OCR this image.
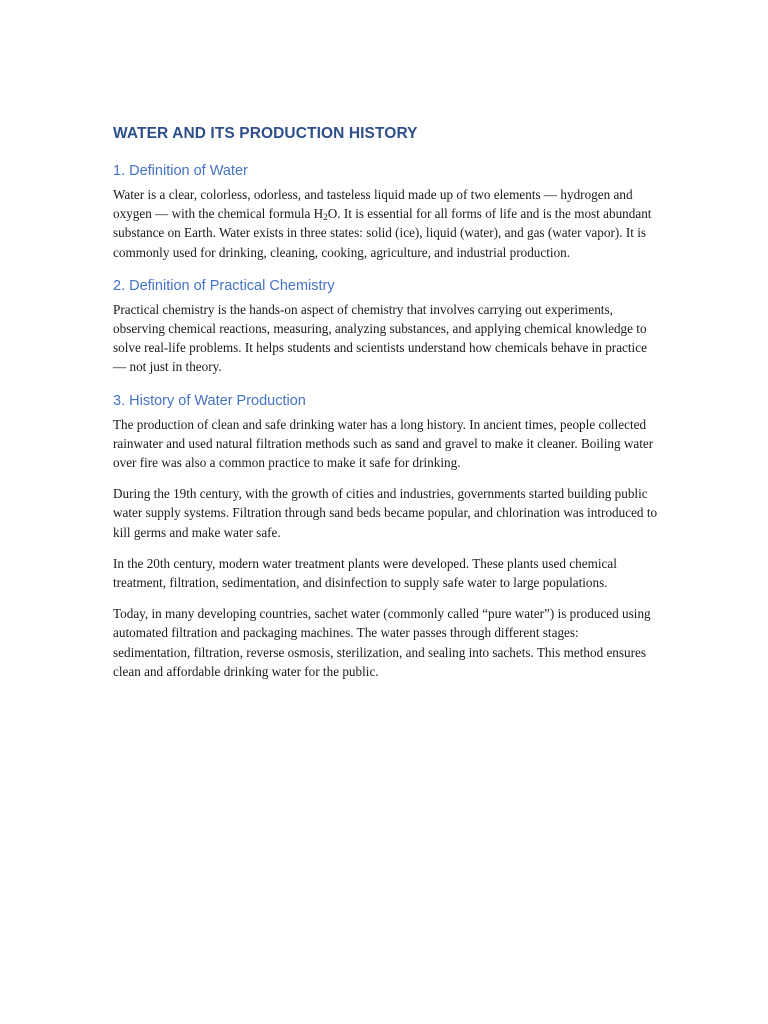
WATER AND ITS PRODUCTION HISTORY
1. Definition of Water

Water is a clear, colorless, odorless, and tasteless liquid made up of two elements — hydrogen and oxygen — with the chemical formula $H_2O$. It is essential for all forms of life and is the most abundant substance on Earth. Water exists in three states: solid (ice), liquid (water), and gas (water vapor). It is commonly used for drinking, cleaning, cooking, agriculture, and industrial production.

2. Definition of Practical Chemistry

Practical chemistry is the hands-on aspect of chemistry that involves carrying out experiments, observing chemical reactions, measuring, analyzing substances, and applying chemical knowledge to solve real-life problems. It helps students and scientists understand how chemicals behave in practice — not just in theory.

3. History of Water Production

The production of clean and safe drinking water has a long history. In ancient times, people collected rainwater and used natural filtration methods such as sand and gravel to make it cleaner. Boiling water over fire was also a common practice to make it safe for drinking.

During the 19th century, with the growth of cities and industries, governments started building public water supply systems. Filtration through sand beds became popular, and chlorination was introduced to kill germs and make water safe.

In the 20th century, modern water treatment plants were developed. These plants used chemical treatment, filtration, sedimentation, and disinfection to supply safe water to large populations.

Today, in many developing countries, sachet water (commonly called “pure water”) is produced using automated filtration and packaging machines. The water passes through different stages: sedimentation, filtration, reverse osmosis, sterilization, and sealing into sachets. This method ensures clean and affordable drinking water for the public.
